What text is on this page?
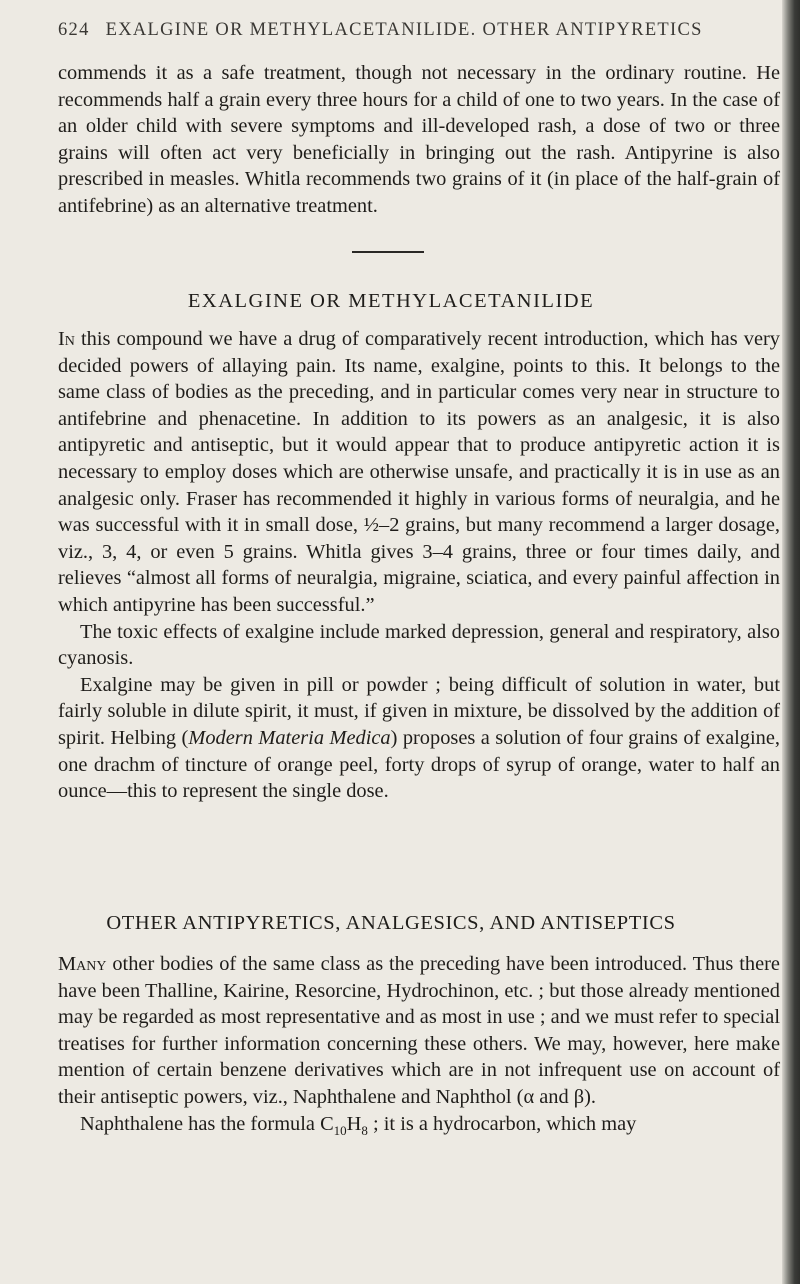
624 EXALGINE OR METHYLACETANILIDE. OTHER ANTIPYRETICS

commends it as a safe treatment, though not necessary in the ordinary routine. He recommends half a grain every three hours for a child of one to two years. In the case of an older child with severe symptoms and ill-developed rash, a dose of two or three grains will often act very beneficially in bringing out the rash. Antipyrine is also prescribed in measles. Whitla recommends two grains of it (in place of the half-grain of antifebrine) as an alternative treatment.

EXALGINE OR METHYLACETANILIDE

In this compound we have a drug of comparatively recent introduction, which has very decided powers of allaying pain. Its name, exalgine, points to this. It belongs to the same class of bodies as the preceding, and in particular comes very near in structure to antifebrine and phenacetine. In addition to its powers as an analgesic, it is also antipyretic and antiseptic, but it would appear that to produce antipyretic action it is necessary to employ doses which are otherwise unsafe, and practically it is in use as an analgesic only. Fraser has recommended it highly in various forms of neuralgia, and he was successful with it in small dose, ½–2 grains, but many recommend a larger dosage, viz., 3, 4, or even 5 grains. Whitla gives 3–4 grains, three or four times daily, and relieves “almost all forms of neuralgia, migraine, sciatica, and every painful affection in which antipyrine has been successful.”

The toxic effects of exalgine include marked depression, general and respiratory, also cyanosis.

Exalgine may be given in pill or powder ; being difficult of solution in water, but fairly soluble in dilute spirit, it must, if given in mixture, be dissolved by the addition of spirit. Helbing (Modern Materia Medica) proposes a solution of four grains of exalgine, one drachm of tincture of orange peel, forty drops of syrup of orange, water to half an ounce—this to represent the single dose.

OTHER ANTIPYRETICS, ANALGESICS, AND ANTISEPTICS

Many other bodies of the same class as the preceding have been introduced. Thus there have been Thalline, Kairine, Resorcine, Hydrochinon, etc. ; but those already mentioned may be regarded as most representative and as most in use ; and we must refer to special treatises for further information concerning these others. We may, however, here make mention of certain benzene derivatives which are in not infrequent use on account of their antiseptic powers, viz., Naphthalene and Naphthol (α and β).

Naphthalene has the formula $C_{10}H_8$ ; it is a hydrocarbon, which may
